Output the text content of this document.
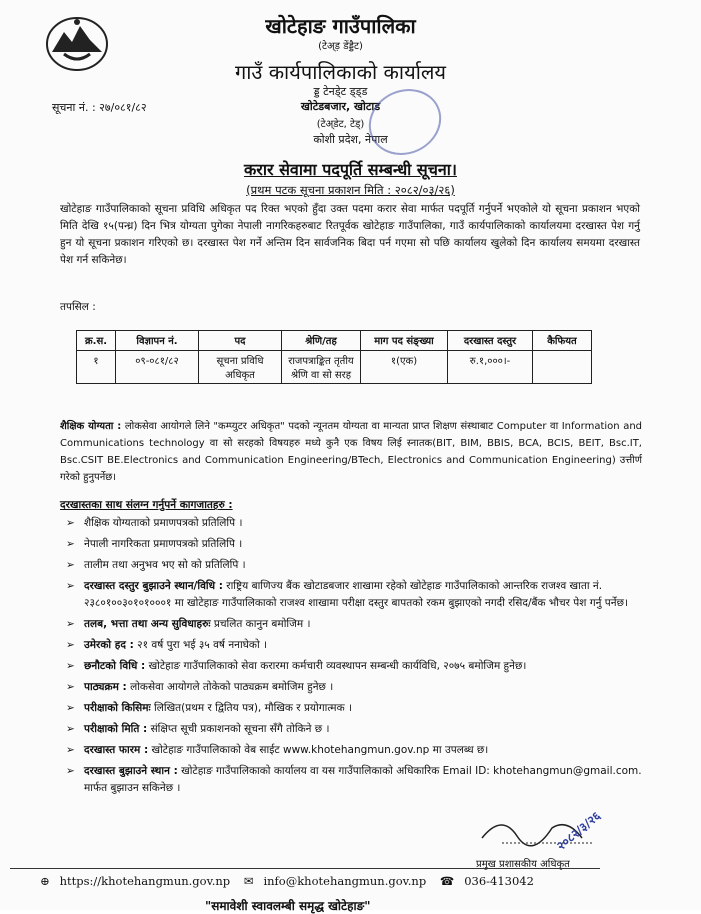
खोटेहाङ गाउँपालिका
(टेअ्ड़ डेंड्डैट)
गाउँ कार्यपालिकाको कार्यालय
ड्ड टेनडे्ट ड्ड्ड
खोटेडबजार, खोटाड
(टेअ्डेट, टेड्)
कोशी प्रदेश, नेपाल
सूचना नं. : २७/०८१/८२
करार सेवामा पदपूर्ति सम्बन्धी सूचना।
(प्रथम पटक सूचना प्रकाशन मिति : २०८२/०३/२६)
खोटेहाङ गाउँपालिकाको सूचना प्रविधि अधिकृत पद रिक्त भएको हुँदा उक्त पदमा करार सेवा मार्फत पदपूर्ति गर्नुपर्ने भएकोले यो सूचना प्रकाशन भएको मिति देखि १५(पन्ध्र) दिन भित्र योग्यता पुगेका नेपाली नागरिकहरुबाट रितपूर्वक खोटेहाङ गाउँपालिका, गाउँ कार्यपालिकाको कार्यालयमा दरखास्त पेश गर्नु हुन यो सूचना प्रकाशन गरिएको छ। दरखास्त पेश गर्ने अन्तिम दिन सार्वजनिक बिदा पर्न गएमा सो पछि कार्यालय खुलेको दिन कार्यालय समयमा दरखास्त पेश गर्न सकिनेछ।
तपसिल :
क्र.स.	विज्ञापन नं.	पद	श्रेणि/तह	माग पद संङ्ख्या	दरखास्त दस्तुर	कैफियत
१	०९-०८१/८२	सूचना प्रविधि अधिकृत	राजपत्राङ्कित तृतीय श्रेणि वा सो सरह	१(एक)	रु.१,०००।-	
शैक्षिक योग्यता : लोकसेवा आयोगले लिने "कम्प्युटर अधिकृत" पदको न्यूनतम योग्यता वा मान्यता प्राप्त शिक्षण संस्थाबाट Computer वा Information and Communications technology वा सो सरहको विषयहरु मध्ये कुनै एक विषय लिई स्नातक(BIT, BIM, BBIS, BCA, BCIS, BEIT, Bsc.IT, Bsc.CSIT BE.Electronics and Communication Engineering/BTech, Electronics and Communication Engineering) उत्तीर्ण गरेको हुनुपर्नेछ।
दरखास्तका साथ संलग्न गर्नुपर्ने कागजातहरु :
➢ शैक्षिक योग्यताको प्रमाणपत्रको प्रतिलिपि ।
➢ नेपाली नागरिकता प्रमाणपत्रको प्रतिलिपि ।
➢ तालीम तथा अनुभव भए सो को प्रतिलिपि ।
➢ दरखास्त दस्तुर बुझाउने स्थान/विधि : राष्ट्रिय बाणिज्य बैंक खोटाडबजार शाखामा रहेको खोटेहाङ गाउँपालिकाको आन्तरिक राजश्व खाता नं. २३८०१००३०१०१०००१ मा खोटेहाङ गाउँपालिकाको राजश्व शाखामा परीक्षा दस्तुर बापतको रकम बुझाएको नगदी रसिद/बैंक भौचर पेश गर्नु पर्नेछ।
➢ तलब, भत्ता तथा अन्य सुविधाहरुः प्रचलित कानुन बमोजिम ।
➢ उमेरको हद : २१ वर्ष पुरा भई ३५ वर्ष ननाघेको ।
➢ छनौटको विधि : खोटेहाङ गाउँपालिकाको सेवा करारमा कर्मचारी व्यवस्थापन सम्बन्धी कार्यविधि, २०७५ बमोजिम हुनेछ।
➢ पाठ्यक्रम : लोकसेवा आयोगले तोकेको पाठ्यक्रम बमोजिम हुनेछ ।
➢ परीक्षाको किसिमः लिखित(प्रथम र द्वितिय पत्र), मौखिक र प्रयोगात्मक ।
➢ परीक्षाको मिति : संक्षिप्त सूची प्रकाशनको सूचना सँगै तोकिने छ ।
➢ दरखास्त फारम : खोटेहाङ गाउँपालिकाको वेब साईट www.khotehangmun.gov.np मा उपलब्ध छ।
➢ दरखास्त बुझाउने स्थान : खोटेहाङ गाउँपालिकाको कार्यालय वा यस गाउँपालिकाको अधिकारिक Email ID: khotehangmun@gmail.com. मार्फत बुझाउन सकिनेछ ।
२०८२/३/२६
प्रमुख प्रशासकीय अधिकृत
⊕ https://khotehangmun.gov.np ✉ info@khotehangmun.gov.np ☎ 036-413042
"समावेशी स्वावलम्बी समृद्ध खोटेहाङ"
